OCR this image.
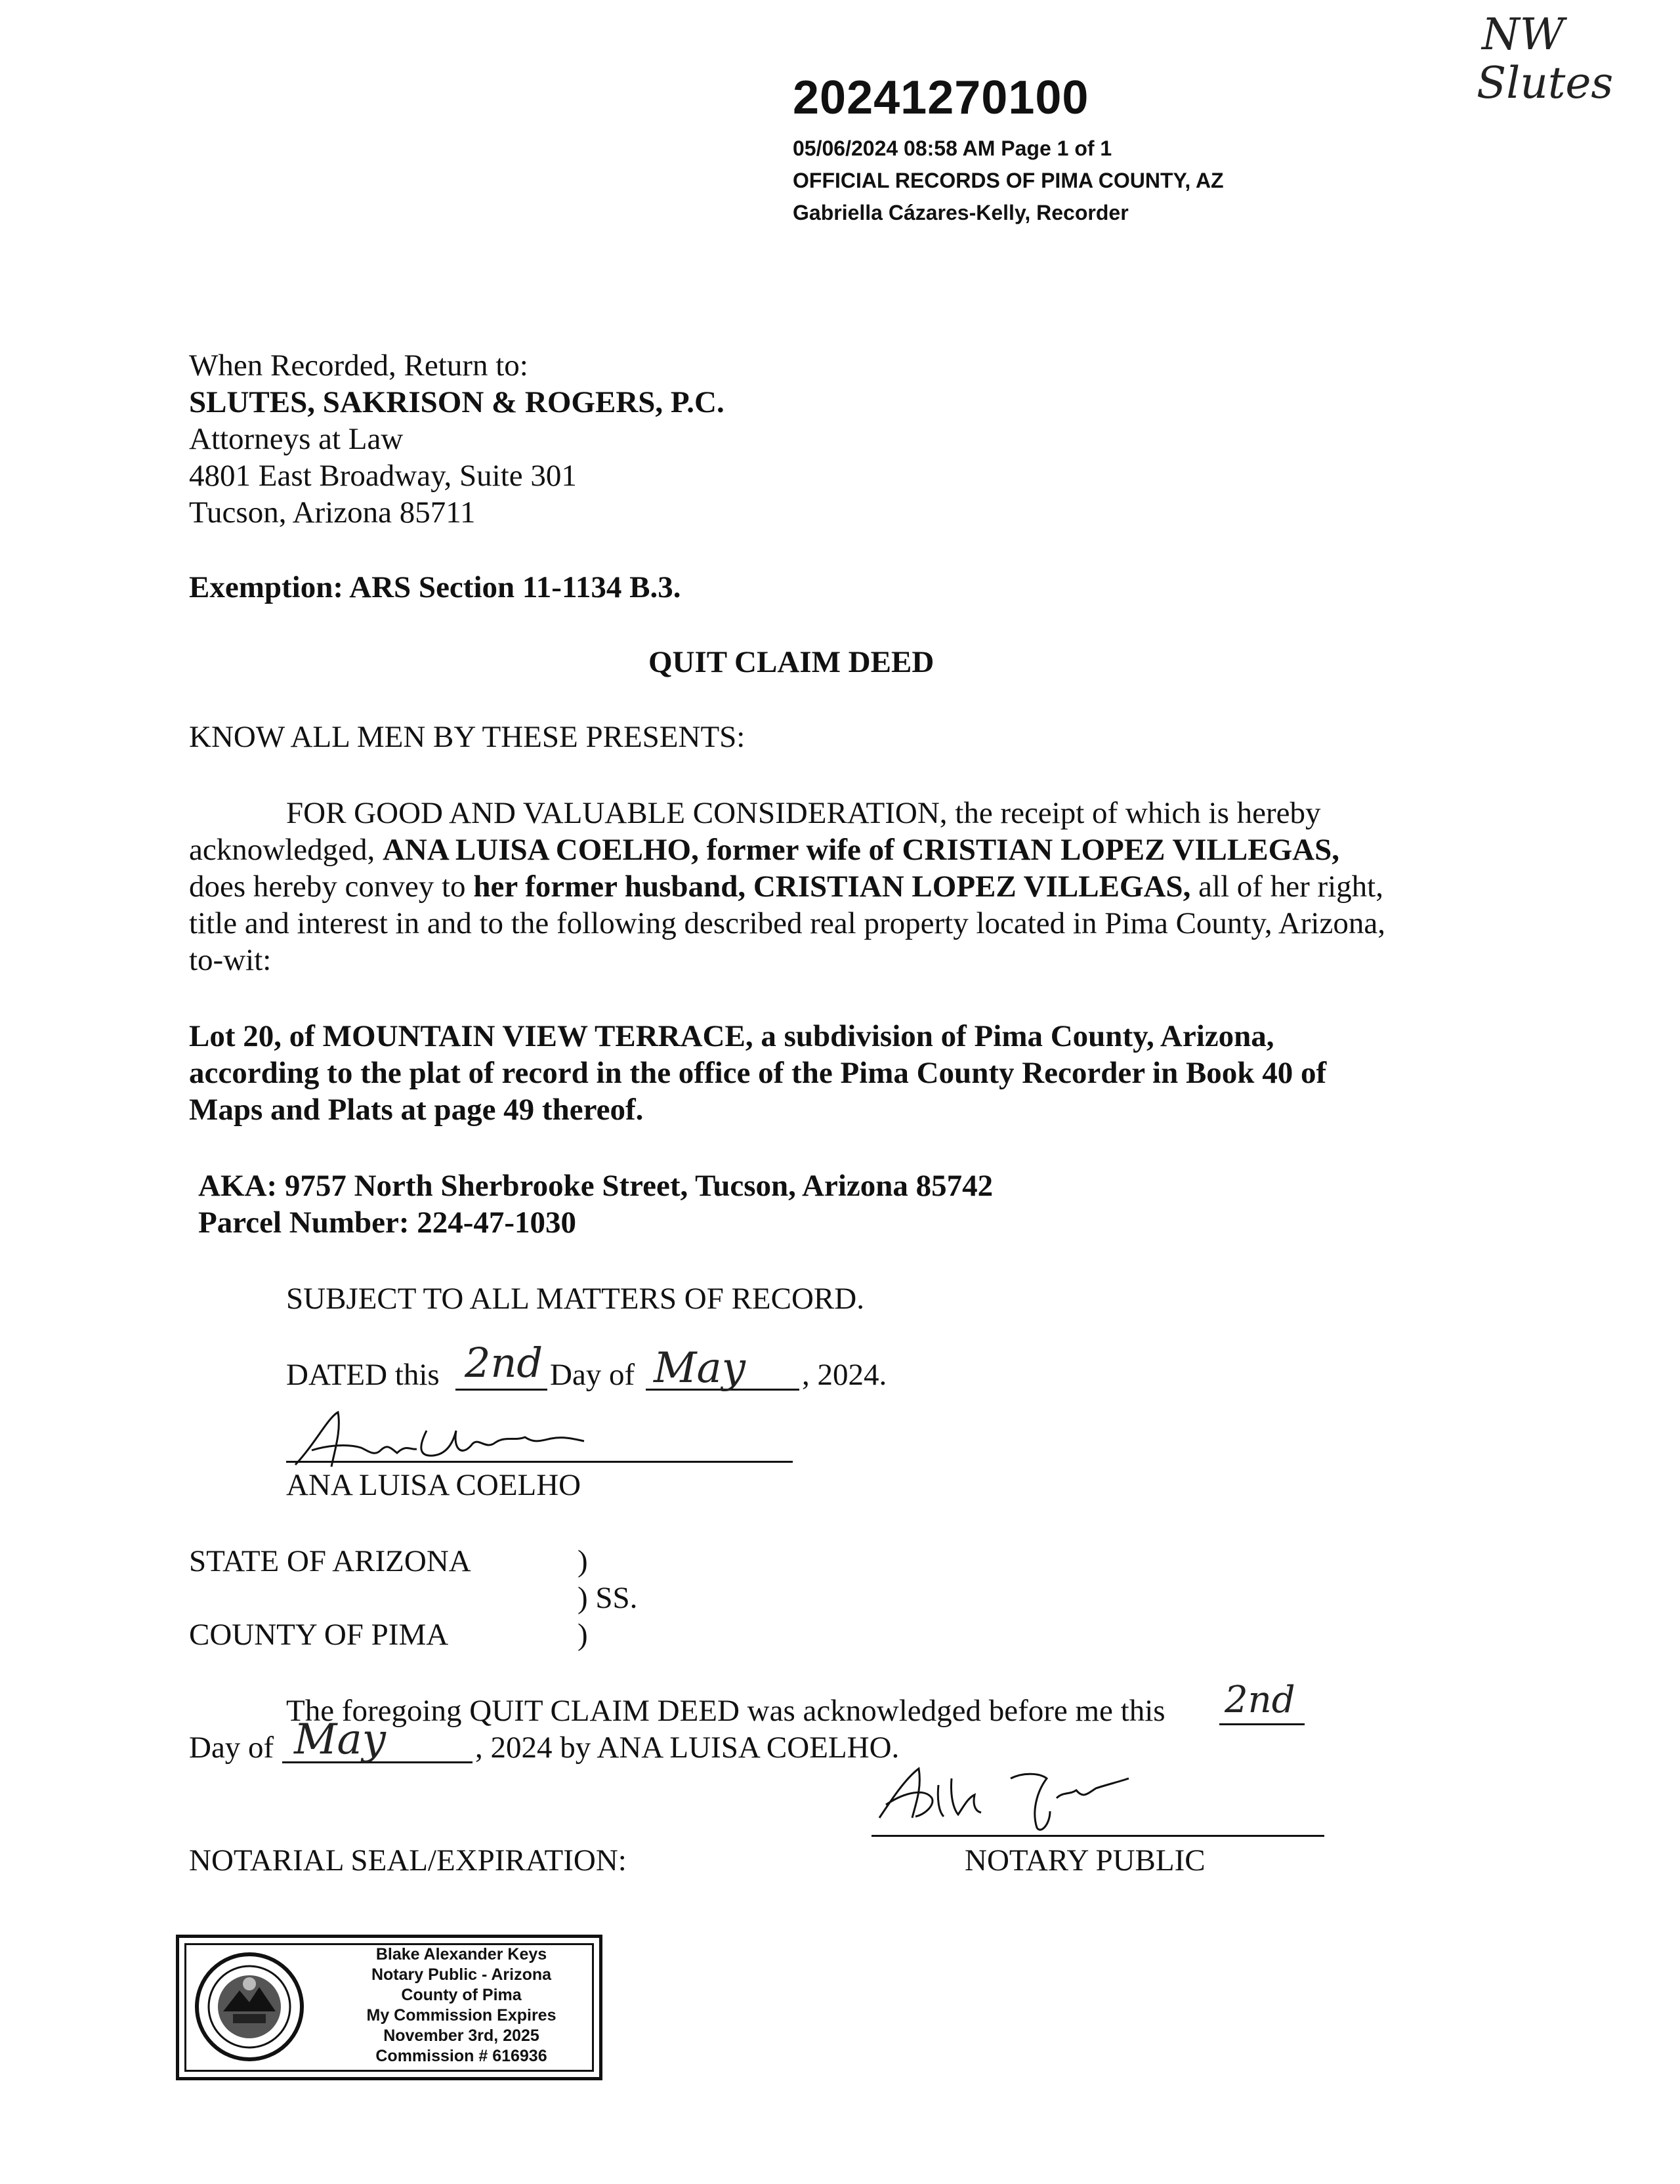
NW
Slutes
20241270100
05/06/2024 08:58 AM Page 1 of 1
OFFICIAL RECORDS OF PIMA COUNTY, AZ
Gabriella Cázares-Kelly, Recorder
When Recorded, Return to:
SLUTES, SAKRISON & ROGERS, P.C.
Attorneys at Law
4801 East Broadway, Suite 301
Tucson, Arizona 85711
Exemption: ARS Section 11-1134 B.3.
QUIT CLAIM DEED
KNOW ALL MEN BY THESE PRESENTS:
FOR GOOD AND VALUABLE CONSIDERATION, the receipt of which is hereby
acknowledged, ANA LUISA COELHO, former wife of CRISTIAN LOPEZ VILLEGAS,
does hereby convey to her former husband, CRISTIAN LOPEZ VILLEGAS, all of her right,
title and interest in and to the following described real property located in Pima County, Arizona,
to-wit:
Lot 20, of MOUNTAIN VIEW TERRACE, a subdivision of Pima County, Arizona,
according to the plat of record in the office of the Pima County Recorder in Book 40 of
Maps and Plats at page 49 thereof.
AKA: 9757 North Sherbrooke Street, Tucson, Arizona 85742
Parcel Number: 224-47-1030
SUBJECT TO ALL MATTERS OF RECORD.
DATED this 2nd Day of May , 2024.
ANA LUISA COELHO
STATE OF ARIZONA	)
) SS.
COUNTY OF PIMA	)
The foregoing QUIT CLAIM DEED was acknowledged before me this 2nd
Day of May	, 2024 by ANA LUISA COELHO.
NOTARIAL SEAL/EXPIRATION:	NOTARY PUBLIC
Blake Alexander Keys
Notary Public - Arizona
County of Pima
My Commission Expires
November 3rd, 2025
Commission # 616936
